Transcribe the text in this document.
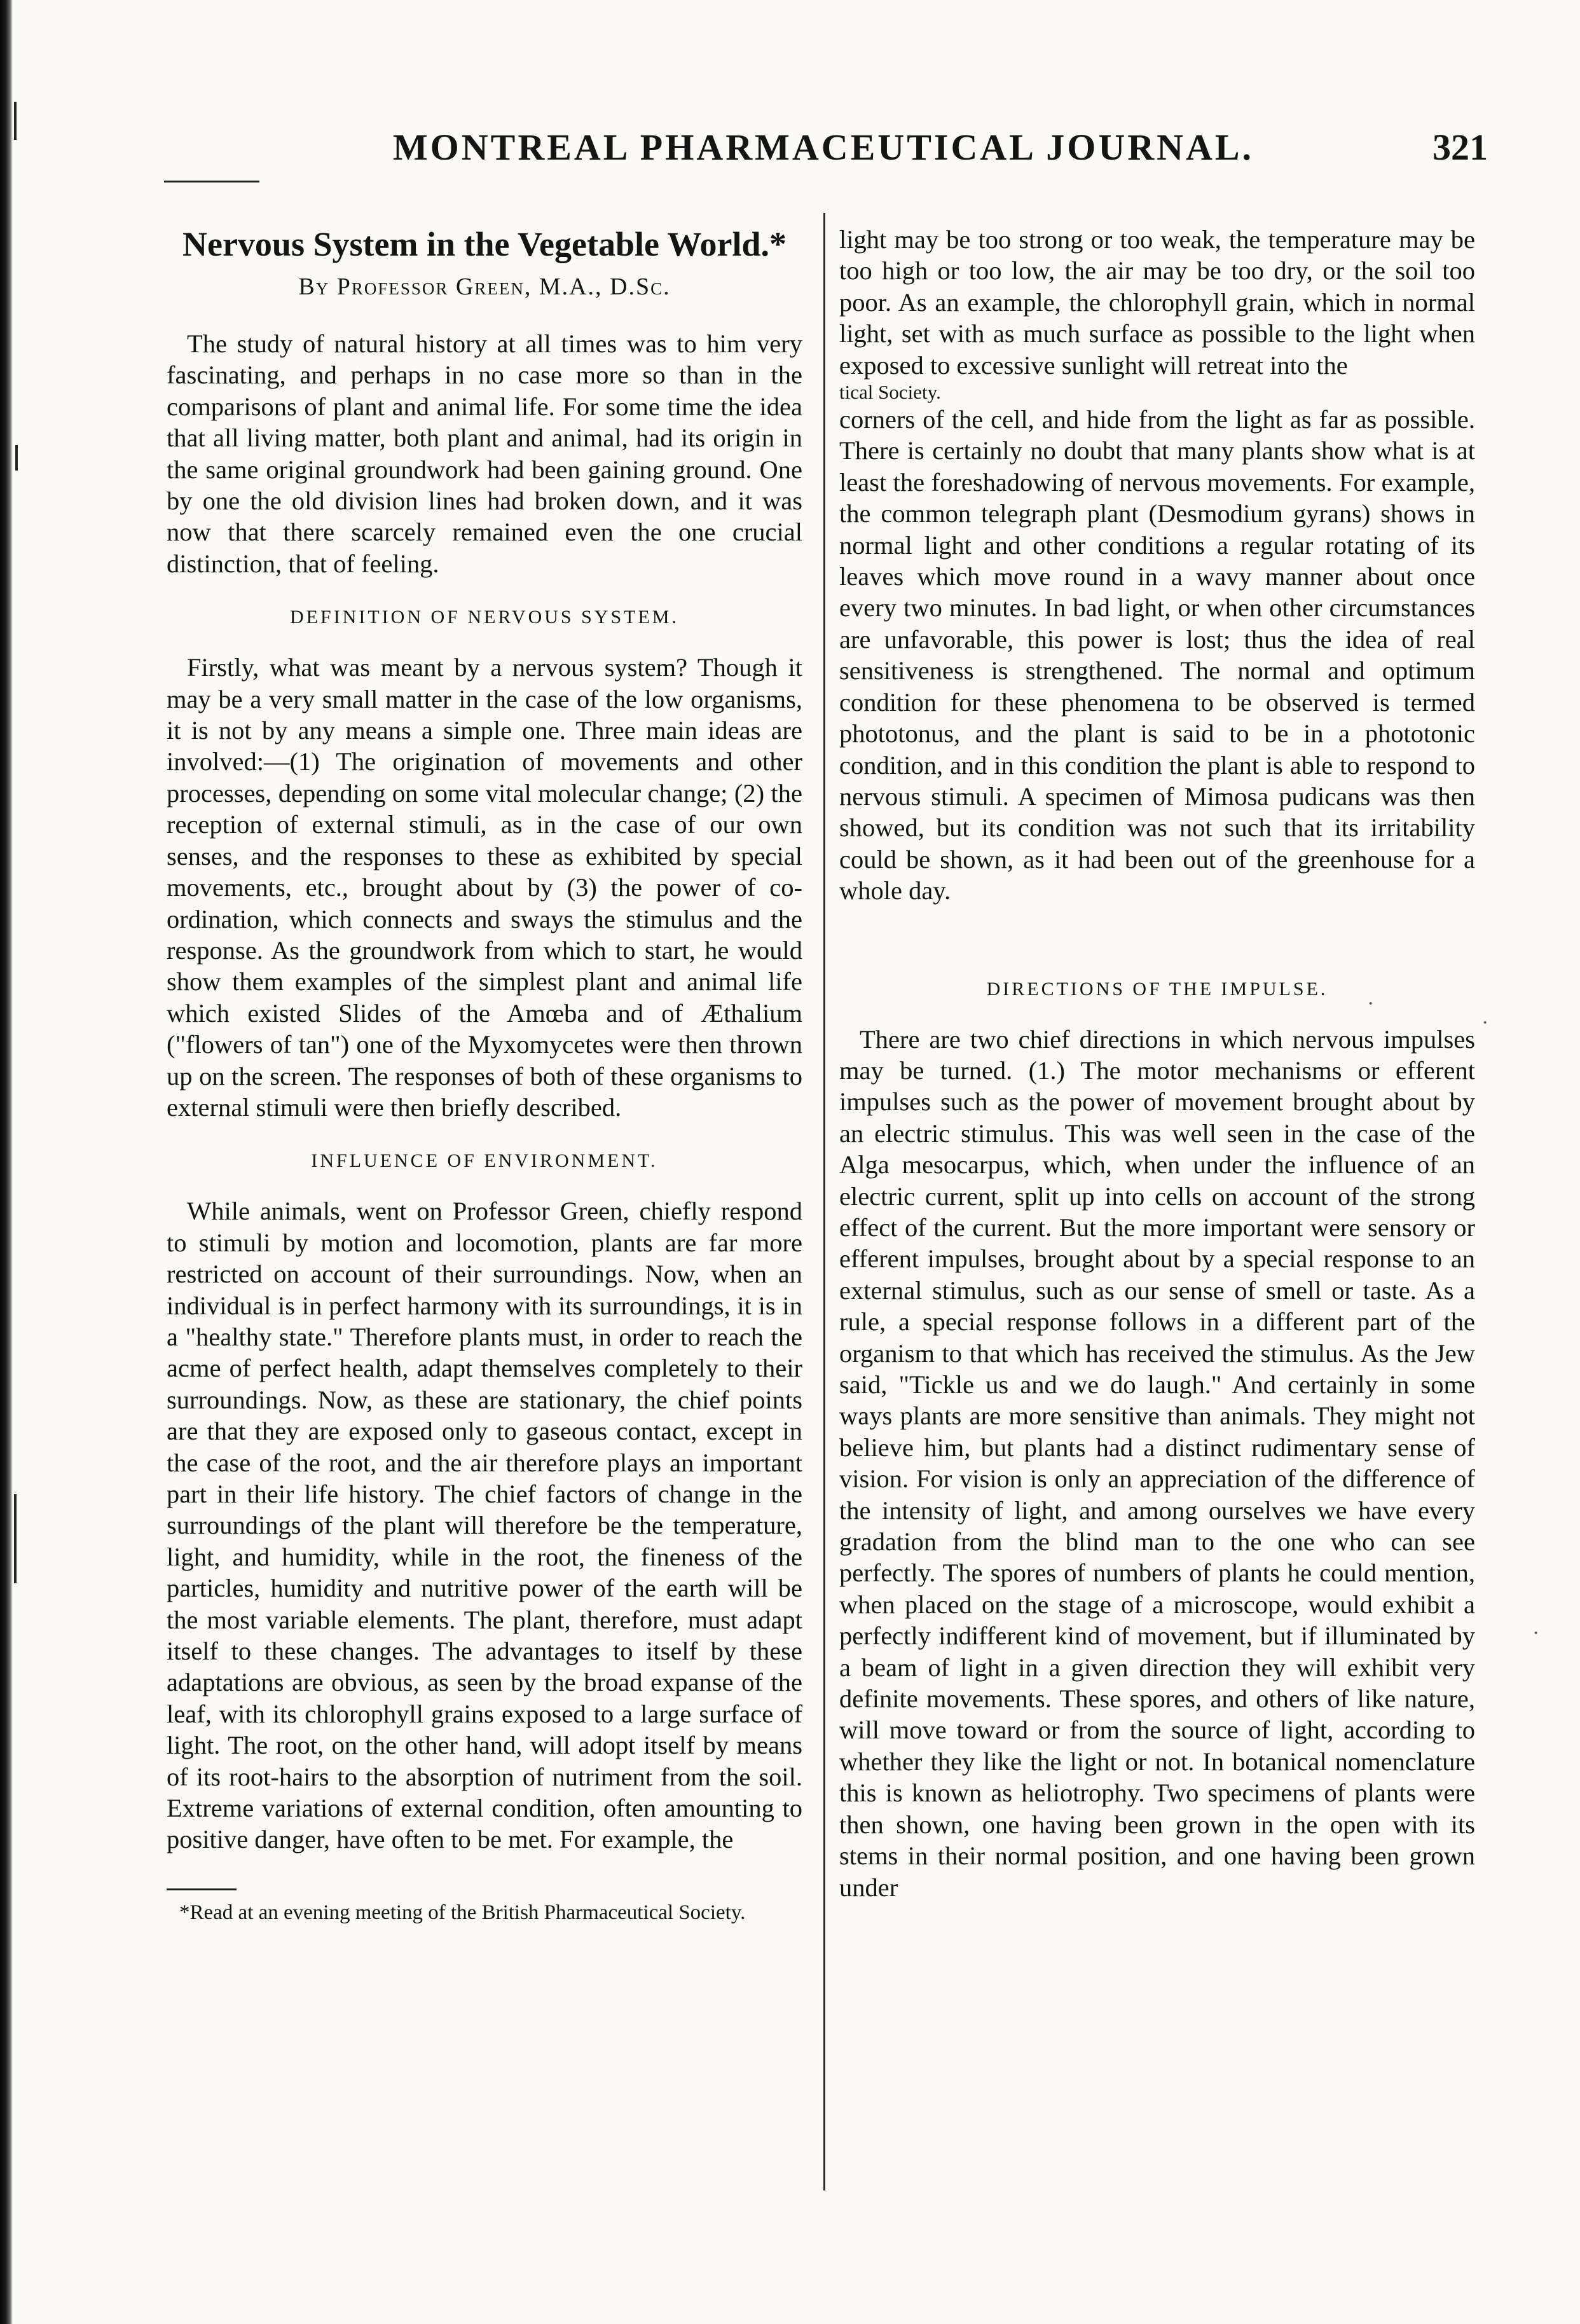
MONTREAL PHARMACEUTICAL JOURNAL.	321
Nervous System in the Vegetable World.*
By Professor Green, M.A., D.Sc.

The study of natural history at all times was to him very fascinating, and perhaps in no case more so than in the comparisons of plant and animal life. For some time the idea that all living matter, both plant and animal, had its origin in the same original groundwork had been gaining ground. One by one the old division lines had broken down, and it was now that there scarcely remained even the one crucial distinction, that of feeling.

DEFINITION OF NERVOUS SYSTEM.

Firstly, what was meant by a nervous system? Though it may be a very small matter in the case of the low organisms, it is not by any means a simple one. Three main ideas are involved:—(1) The origination of movements and other processes, depending on some vital molecular change; (2) the reception of external stimuli, as in the case of our own senses, and the responses to these as exhibited by special movements, etc., brought about by (3) the power of co-ordination, which connects and sways the stimulus and the response. As the groundwork from which to start, he would show them examples of the simplest plant and animal life which existed Slides of the Amœba and of Æthalium ("flowers of tan") one of the Myxomycetes were then thrown up on the screen. The responses of both of these organisms to external stimuli were then briefly described.

INFLUENCE OF ENVIRONMENT.

While animals, went on Professor Green, chiefly respond to stimuli by motion and locomotion, plants are far more restricted on account of their surroundings. Now, when an individual is in perfect harmony with its surroundings, it is in a "healthy state." Therefore plants must, in order to reach the acme of perfect health, adapt themselves completely to their surroundings. Now, as these are stationary, the chief points are that they are exposed only to gaseous contact, except in the case of the root, and the air therefore plays an important part in their life history. The chief factors of change in the surroundings of the plant will therefore be the temperature, light, and humidity, while in the root, the fineness of the particles, humidity and nutritive power of the earth will be the most variable elements. The plant, therefore, must adapt itself to these changes. The advantages to itself by these adaptations are obvious, as seen by the broad expanse of the leaf, with its chlorophyll grains exposed to a large surface of light. The root, on the other hand, will adopt itself by means of its root-hairs to the absorption of nutriment from the soil. Extreme variations of external condition, often amounting to positive danger, have often to be met. For example, the

*Read at an evening meeting of the British Pharmaceutical Society.

light may be too strong or too weak, the temperature may be too high or too low, the air may be too dry, or the soil too poor. As an example, the chlorophyll grain, which in normal light, set with as much surface as possible to the light when exposed to excessive sunlight will retreat into the

tical Society.

corners of the cell, and hide from the light as far as possible. There is certainly no doubt that many plants show what is at least the foreshadowing of nervous movements. For example, the common telegraph plant (Desmodium gyrans) shows in normal light and other conditions a regular rotating of its leaves which move round in a wavy manner about once every two minutes. In bad light, or when other circumstances are unfavorable, this power is lost; thus the idea of real sensitiveness is strengthened. The normal and optimum condition for these phenomena to be observed is termed phototonus, and the plant is said to be in a phototonic condition, and in this condition the plant is able to respond to nervous stimuli. A specimen of Mimosa pudicans was then showed, but its condition was not such that its irritability could be shown, as it had been out of the greenhouse for a whole day.

DIRECTIONS OF THE IMPULSE.

There are two chief directions in which nervous impulses may be turned. (1.) The motor mechanisms or efferent impulses such as the power of movement brought about by an electric stimulus. This was well seen in the case of the Alga mesocarpus, which, when under the influence of an electric current, split up into cells on account of the strong effect of the current. But the more important were sensory or efferent impulses, brought about by a special response to an external stimulus, such as our sense of smell or taste. As a rule, a special response follows in a different part of the organism to that which has received the stimulus. As the Jew said, "Tickle us and we do laugh." And certainly in some ways plants are more sensitive than animals. They might not believe him, but plants had a distinct rudimentary sense of vision. For vision is only an appreciation of the difference of the intensity of light, and among ourselves we have every gradation from the blind man to the one who can see perfectly. The spores of numbers of plants he could mention, when placed on the stage of a microscope, would exhibit a perfectly indifferent kind of movement, but if illuminated by a beam of light in a given direction they will exhibit very definite movements. These spores, and others of like nature, will move toward or from the source of light, according to whether they like the light or not. In botanical nomenclature this is known as heliotrophy. Two specimens of plants were then shown, one having been grown in the open with its stems in their normal position, and one having been grown under

·
·
·
